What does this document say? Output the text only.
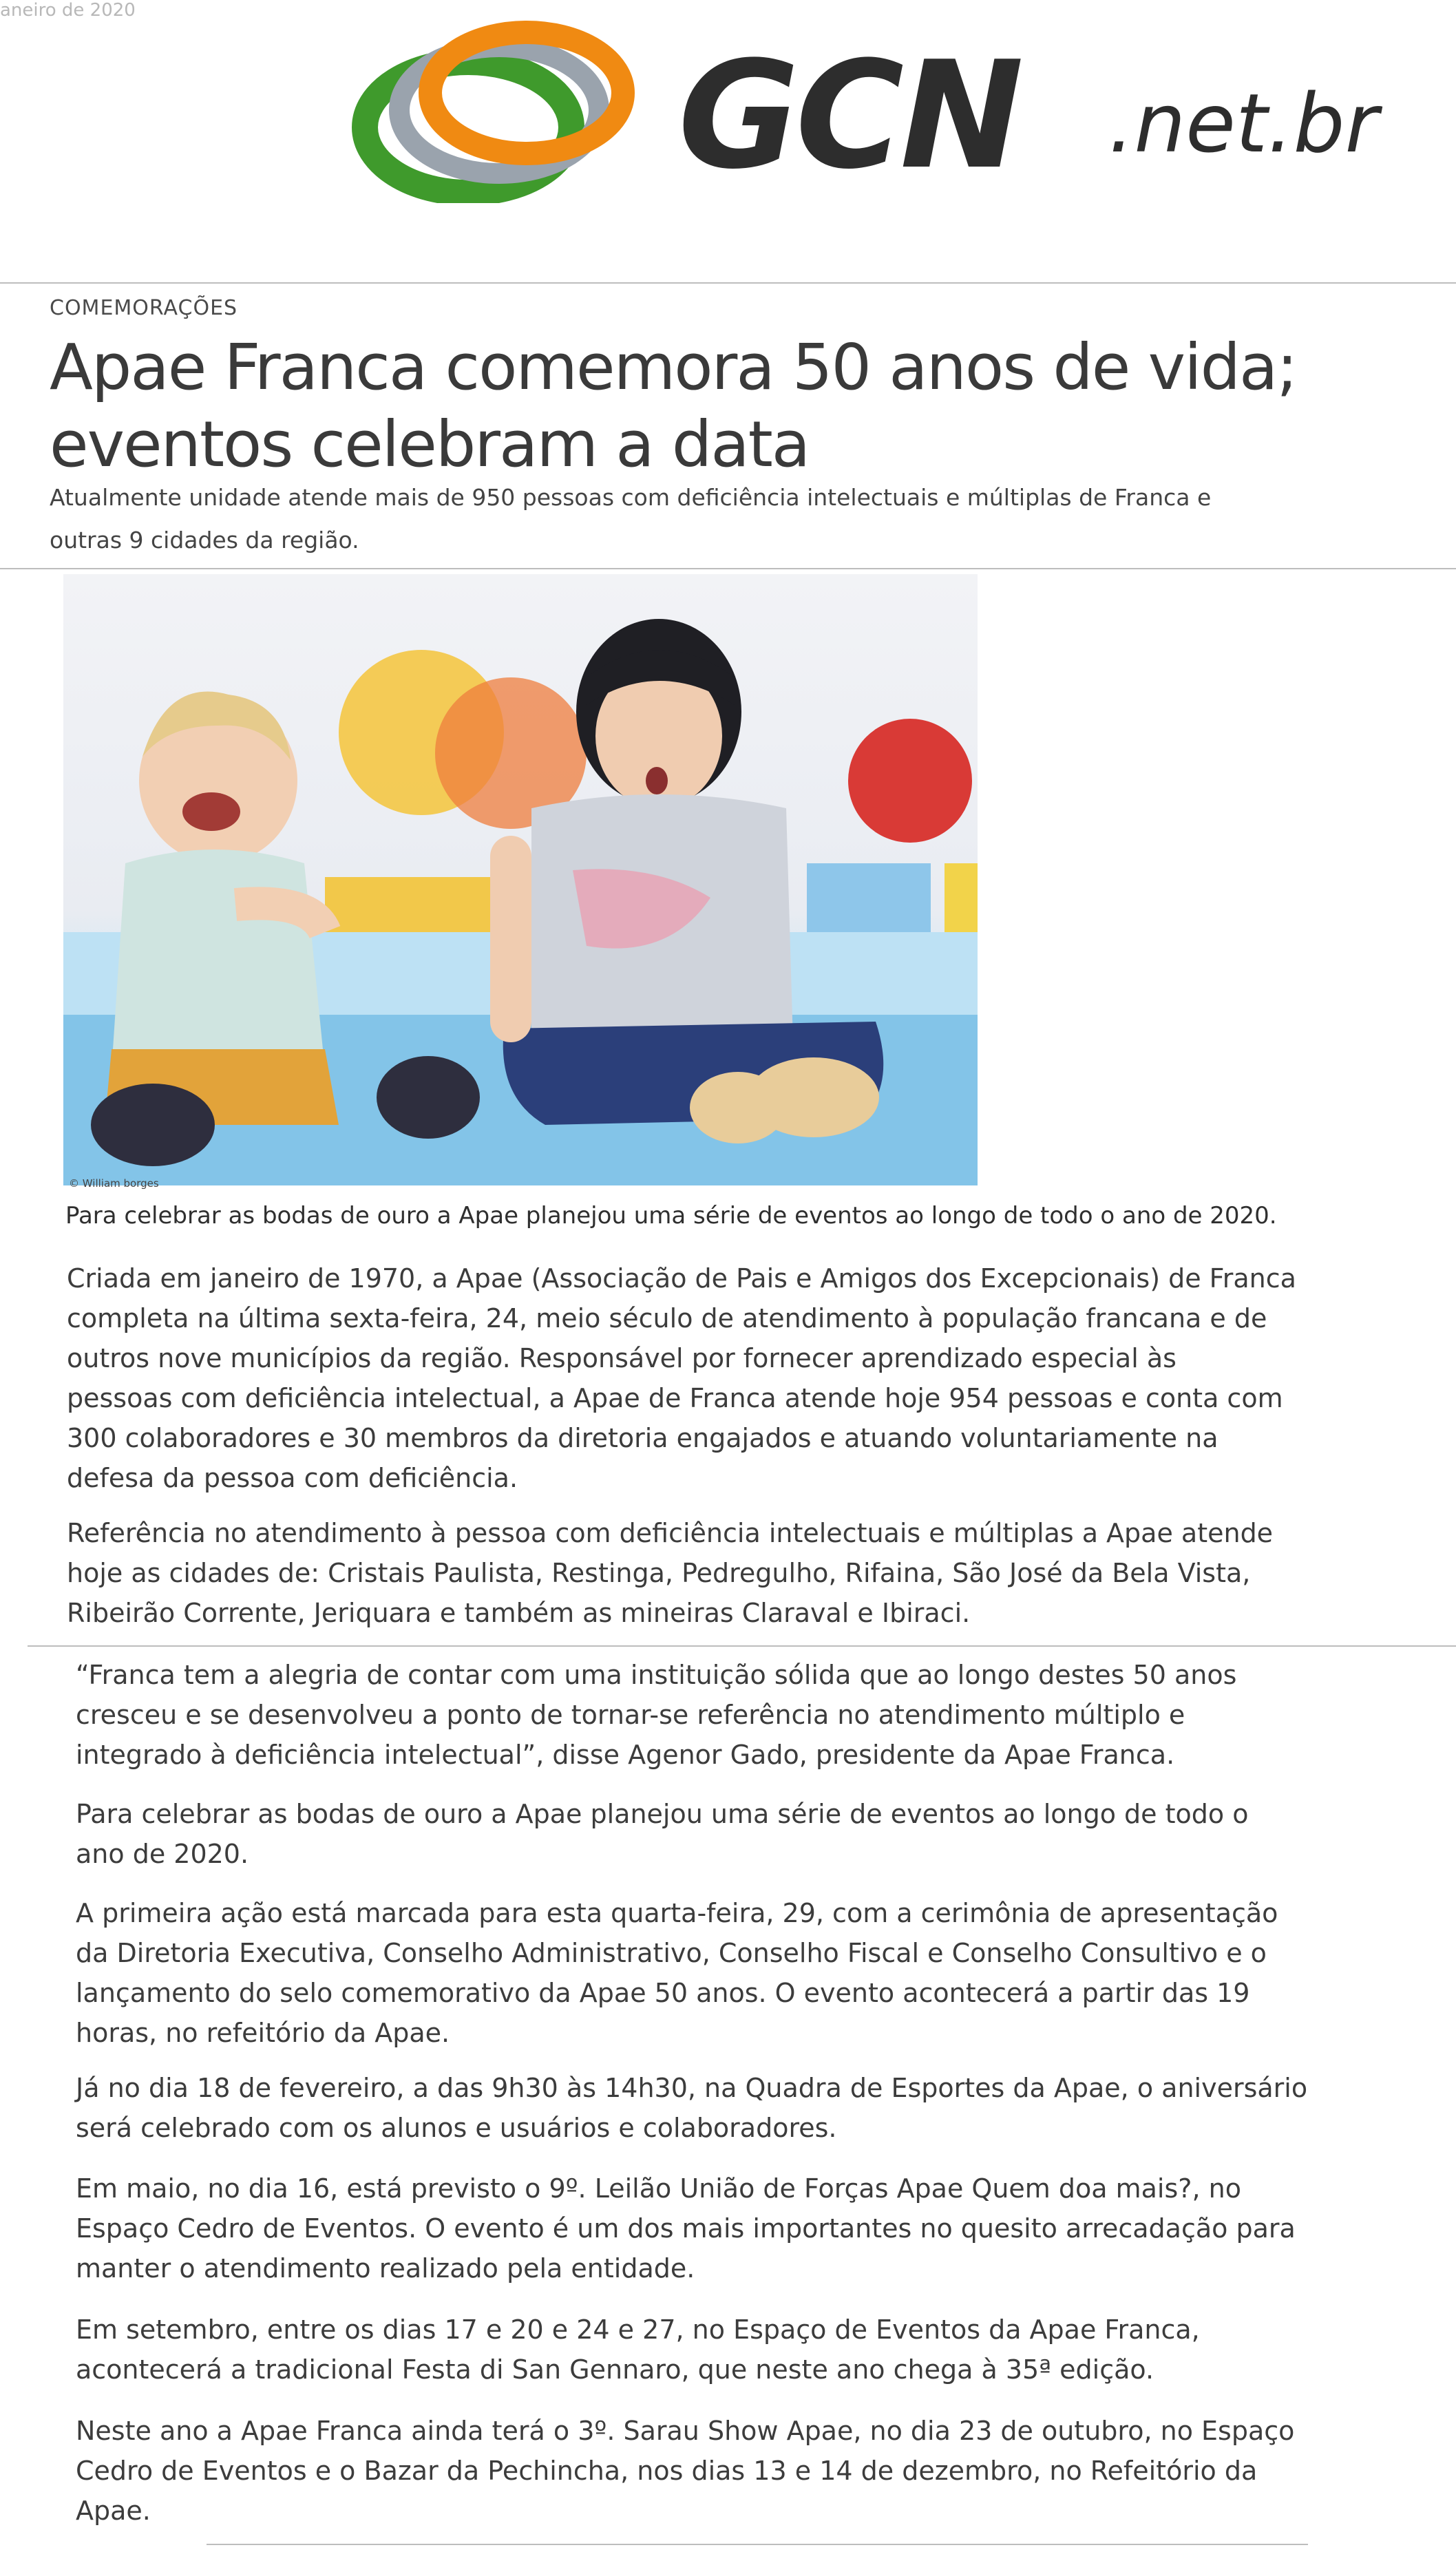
aneiro de 2020
GCN .net.br
COMEMORAÇÕES
Apae Franca comemora 50 anos de vida;
eventos celebram a data

Atualmente unidade atende mais de 950 pessoas com deficiência intelectuais e múltiplas de Franca e
outras 9 cidades da região.

© William borges

Para celebrar as bodas de ouro a Apae planejou uma série de eventos ao longo de todo o ano de 2020.

Criada em janeiro de 1970, a Apae (Associação de Pais e Amigos dos Excepcionais) de Franca
completa na última sexta-feira, 24, meio século de atendimento à população francana e de
outros nove municípios da região. Responsável por fornecer aprendizado especial às
pessoas com deficiência intelectual, a Apae de Franca atende hoje 954 pessoas e conta com
300 colaboradores e 30 membros da diretoria engajados e atuando voluntariamente na
defesa da pessoa com deficiência.
Referência no atendimento à pessoa com deficiência intelectuais e múltiplas a Apae atende
hoje as cidades de: Cristais Paulista, Restinga, Pedregulho, Rifaina, São José da Bela Vista,
Ribeirão Corrente, Jeriquara e também as mineiras Claraval e Ibiraci.
“Franca tem a alegria de contar com uma instituição sólida que ao longo destes 50 anos
cresceu e se desenvolveu a ponto de tornar-se referência no atendimento múltiplo e
integrado à deficiência intelectual”, disse Agenor Gado, presidente da Apae Franca.
Para celebrar as bodas de ouro a Apae planejou uma série de eventos ao longo de todo o
ano de 2020.
A primeira ação está marcada para esta quarta-feira, 29, com a cerimônia de apresentação
da Diretoria Executiva, Conselho Administrativo, Conselho Fiscal e Conselho Consultivo e o
lançamento do selo comemorativo da Apae 50 anos. O evento acontecerá a partir das 19
horas, no refeitório da Apae.
Já no dia 18 de fevereiro, a das 9h30 às 14h30, na Quadra de Esportes da Apae, o aniversário
será celebrado com os alunos e usuários e colaboradores.
Em maio, no dia 16, está previsto o 9º. Leilão União de Forças Apae Quem doa mais?, no
Espaço Cedro de Eventos. O evento é um dos mais importantes no quesito arrecadação para
manter o atendimento realizado pela entidade.
Em setembro, entre os dias 17 e 20 e 24 e 27, no Espaço de Eventos da Apae Franca,
acontecerá a tradicional Festa di San Gennaro, que neste ano chega à 35ª edição.
Neste ano a Apae Franca ainda terá o 3º. Sarau Show Apae, no dia 23 de outubro, no Espaço
Cedro de Eventos e o Bazar da Pechincha, nos dias 13 e 14 de dezembro, no Refeitório da
Apae.
